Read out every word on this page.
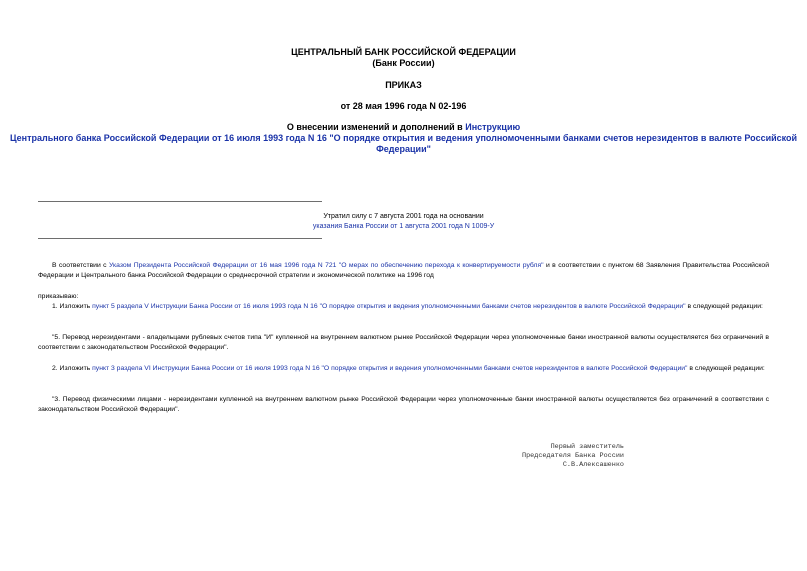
ЦЕНТРАЛЬНЫЙ БАНК РОССИЙСКОЙ ФЕДЕРАЦИИ
(Банк России)
ПРИКАЗ
от 28 мая 1996 года N 02-196
О внесении изменений и дополнений в Инструкцию
Центрального банка Российской Федерации от 16 июля 1993 года N 16 "О порядке открытия и ведения уполномоченными банками счетов нерезидентов в валюте Российской Федерации"
Утратил силу с 7 августа 2001 года на основании
указания Банка России от 1 августа 2001 года N 1009-У
В соответствии с Указом Президента Российской Федерации от 16 мая 1996 года N 721 "О мерах по обеспечению перехода к конвертируемости рубля" и в соответствии с пунктом 68 Заявления Правительства Российской Федерации и Центрального банка Российской Федерации о среднесрочной стратегии и экономической политике на 1996 год
приказываю:
1. Изложить пункт 5 раздела V Инструкции Банка России от 16 июля 1993 года N 16 "О порядке открытия и ведения уполномоченными банками счетов нерезидентов в валюте Российской Федерации" в следующей редакции:
"5. Перевод нерезидентами - владельцами рублевых счетов типа "И" купленной на внутреннем валютном рынке Российской Федерации через уполномоченные банки иностранной валюты осуществляется без ограничений в соответствии с законодательством Российской Федерации".
2. Изложить пункт 3 раздела VI Инструкции Банка России от 16 июля 1993 года N 16 "О порядке открытия и ведения уполномоченными банками счетов нерезидентов в валюте Российской Федерации" в следующей редакции:
"3. Перевод физическими лицами - нерезидентами купленной на внутреннем валютном рынке Российской Федерации через уполномоченные банки иностранной валюты осуществляется без ограничений в соответствии с законодательством Российской Федерации".
Первый заместитель
Председателя Банка России
С.В.Алексашенко
